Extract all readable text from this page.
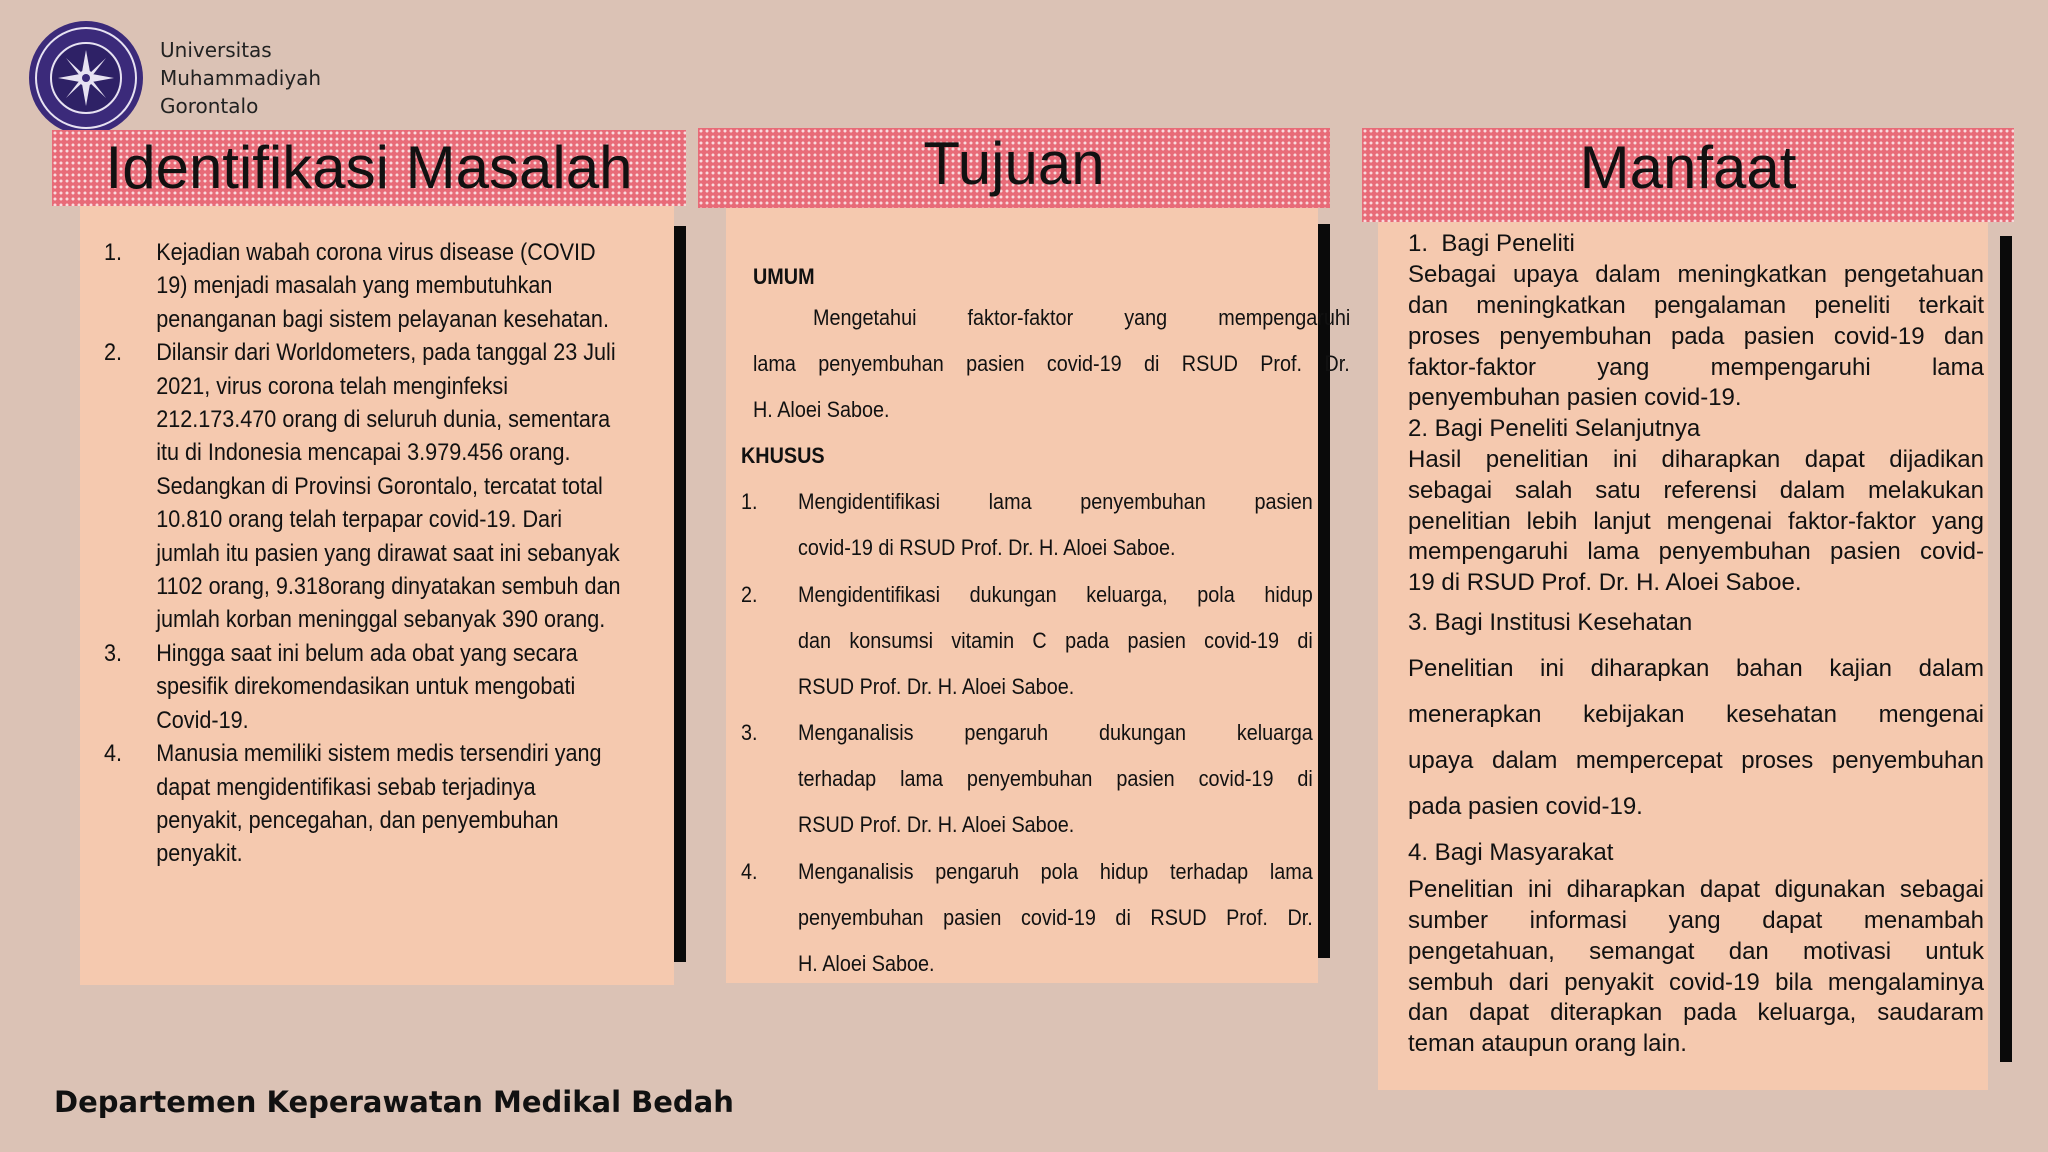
Universitas
Muhammadiyah
Gorontalo
Identifikasi Masalah
1. Kejadian wabah corona virus disease (COVID
19) menjadi masalah yang membutuhkan
penanganan bagi sistem pelayanan kesehatan.
2. Dilansir dari Worldometers, pada tanggal 23 Juli
2021, virus corona telah menginfeksi
212.173.470 orang di seluruh dunia, sementara
itu di Indonesia mencapai 3.979.456 orang.
Sedangkan di Provinsi Gorontalo, tercatat total
10.810 orang telah terpapar covid-19. Dari
jumlah itu pasien yang dirawat saat ini sebanyak
1102 orang, 9.318orang dinyatakan sembuh dan
jumlah korban meninggal sebanyak 390 orang.
3. Hingga saat ini belum ada obat yang secara
spesifik direkomendasikan untuk mengobati
Covid-19.
4. Manusia memiliki sistem medis tersendiri yang
dapat mengidentifikasi sebab terjadinya
penyakit, pencegahan, dan penyembuhan
penyakit.
Tujuan
UMUM
Mengetahui faktor-faktor yang mempengaruhi
lama penyembuhan pasien covid-19 di RSUD Prof. Dr.
H. Aloei Saboe.
KHUSUS
1. Mengidentifikasi lama penyembuhan pasien
covid-19 di RSUD Prof. Dr. H. Aloei Saboe.
2. Mengidentifikasi dukungan keluarga, pola hidup
dan konsumsi vitamin C pada pasien covid-19 di
RSUD Prof. Dr. H. Aloei Saboe.
3. Menganalisis pengaruh dukungan keluarga
terhadap lama penyembuhan pasien covid-19 di
RSUD Prof. Dr. H. Aloei Saboe.
4. Menganalisis pengaruh pola hidup terhadap lama
penyembuhan pasien covid-19 di RSUD Prof. Dr.
H. Aloei Saboe.
Manfaat
1.  Bagi Peneliti
Sebagai upaya dalam meningkatkan pengetahuan
dan meningkatkan pengalaman peneliti terkait
proses penyembuhan pada pasien covid-19 dan
faktor-faktor yang mempengaruhi lama
penyembuhan pasien covid-19.
2. Bagi Peneliti Selanjutnya
Hasil penelitian ini diharapkan dapat dijadikan
sebagai salah satu referensi dalam melakukan
penelitian lebih lanjut mengenai faktor-faktor yang
mempengaruhi lama penyembuhan pasien covid-
19 di RSUD Prof. Dr. H. Aloei Saboe.
3. Bagi Institusi Kesehatan
Penelitian ini diharapkan bahan kajian dalam
menerapkan kebijakan kesehatan mengenai
upaya dalam mempercepat proses penyembuhan
pada pasien covid-19.
4. Bagi Masyarakat
Penelitian ini diharapkan dapat digunakan sebagai
sumber informasi yang dapat menambah
pengetahuan, semangat dan motivasi untuk
sembuh dari penyakit covid-19 bila mengalaminya
dan dapat diterapkan pada keluarga, saudaram
teman ataupun orang lain.
Departemen Keperawatan Medikal Bedah
